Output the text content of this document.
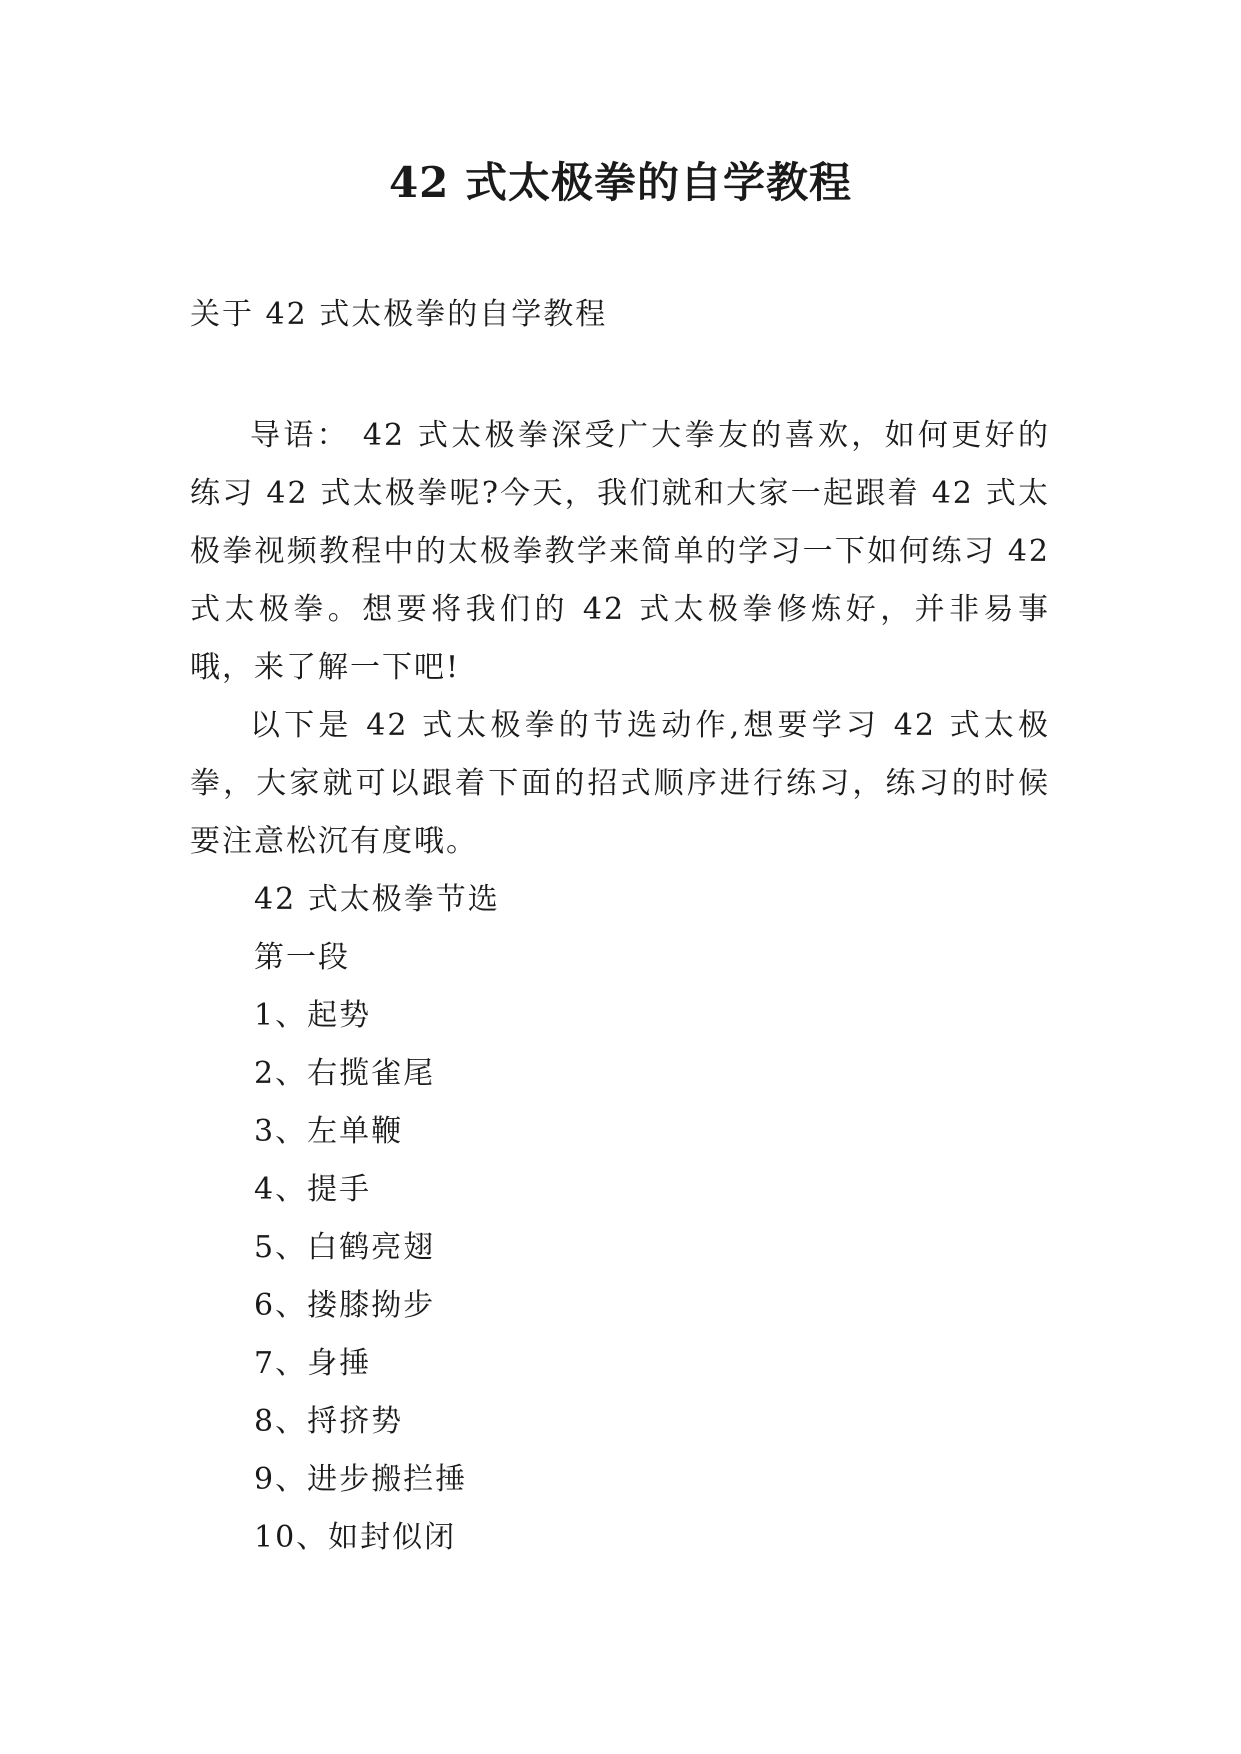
42 式太极拳的自学教程

关于 42 式太极拳的自学教程

导语： 42 式太极拳深受广大拳友的喜欢，如何更好的练习 42 式太极拳呢?今天，我们就和大家一起跟着 42 式太极拳视频教程中的太极拳教学来简单的学习一下如何练习 42 式太极拳。想要将我们的 42 式太极拳修炼好，并非易事哦，来了解一下吧!

以下是 42 式太极拳的节选动作,想要学习 42 式太极拳，大家就可以跟着下面的招式顺序进行练习，练习的时候要注意松沉有度哦。

42 式太极拳节选

第一段

1、起势
2、右揽雀尾
3、左单鞭
4、提手
5、白鹤亮翅
6、搂膝拗步
7、身捶
8、捋挤势
9、进步搬拦捶
10、如封似闭
